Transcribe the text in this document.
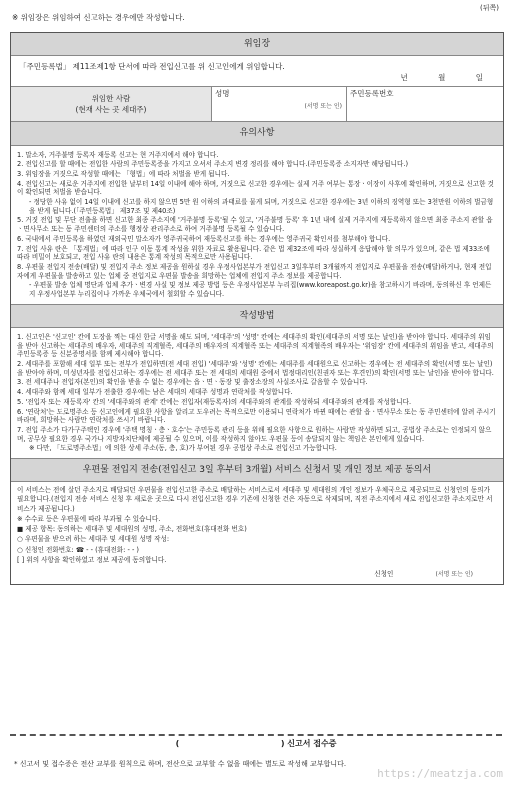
(뒤쪽)
※ 위임장은 위임하여 신고하는 경우에만 작성합니다.
위임장
「주민등록법」 제11조제1항 단서에 따라 전입신고를 위 신고인에게 위임합니다.
년 월 일
위임한 사람
(현재 사는 곳 세대주)
	성명
(서명 또는 인)
	주민등록번호
유의사항

1. 말소자, 거주불명 등록자 재등록 신고는 현 거주지에서 해야 합니다.

2. 전입신고를 할 때에는 전입한 사람의 주민등록증을 가지고 오셔서 주소지 변경 정리를 해야 합니다.(주민등록증 소지자만 해당됩니다.)

3. 위임장을 거짓으로 작성할 때에는 「형법」에 따라 처벌을 받게 됩니다.

4. 전입신고는 새로운 거주지에 전입한 날부터 14일 이내에 해야 하며, 거짓으로 신고한 경우에는 실제 거주 여부는 통장ㆍ이장이 사후에 확인하며, 거짓으로 신고한 것이 확인되면 처벌을 받습니다.

- 정당한 사유 없이 14일 이내에 신고를 하지 않으면 5만 원 이하의 과태료를 물게 되며, 거짓으로 신고한 경우에는 3년 이하의 징역형 또는 3천만원 이하의 벌금형을 받게 됩니다.(「주민등록법」 제37조 및 제40조)

5. 거짓 전입 및 무단 전출을 하면 신고한 최종 주소지에 '거주불명 등록'될 수 있고, '거주불명 등록' 후 1년 내에 실제 거주지에 재등록하지 않으면 최종 주소지 관할 읍ㆍ면사무소 또는 동 주민센터의 주소를 행정상 관리주소로 하여 거주불명 등록될 수 있습니다.

6. 국내에서 주민등록을 하였던 재외국민 말소자가 영주귀국하여 재등록신고를 하는 경우에는 영주귀국 확인서를 첨부해야 합니다.

7. 전입 사유 란은 「통계법」에 따라 인구 이동 통계 작성을 위한 자료로 활용됩니다. 같은 법 제32조에 따라 성실하게 응답해야 할 의무가 있으며, 같은 법 제33조에 따라 비밀이 보호되고, 전입 사유 란의 내용은 통계 작성의 목적으로만 사용됩니다.

8. 우편물 전입지 전송(배달) 및 전입지 주소 정보 제공을 원하실 경우 우정사업본부가 전입신고 3일후부터 3개월까지 전입지로 우편물을 전송(배달)하거나, 현재 전입자에게 우편물을 발송하고 있는 업체 중 전입지로 우편물 발송을 희망하는 업체에 전입지 주소 정보를 제공합니다.

- 우편물 발송 업체 명단과 업체 추가ㆍ변경 사실 및 정보 제공 방법 등은 우정사업본부 누리집(www.koreapost.go.kr)을 참고하시기 바라며, 동의하신 후 언제든지 우정사업본부 누리집이나 가까운 우체국에서 철회할 수 있습니다.

작성방법

1. 신고인은 '신고인' 칸에 도장을 찍는 대신 한글 서명을 해도 되며, '세대주'의 '성명' 칸에는 세대주의 확인(세대주의 서명 또는 날인)을 받아야 합니다. 세대주의 위임을 받아 신고하는 세대주의 배우자, 세대주의 직계혈족, 세대주의 배우자의 직계혈족 또는 세대주의 직계혈족의 배우자는 '위임장' 칸에 세대주의 위임을 받고, 세대주의 주민등록증 등 신분증명서를 함께 제시해야 합니다.

2. 세대주를 포함해 세대 일부 또는 전부가 전입하면(전 세대 전입) '세대주'와 '성명' 칸에는 세대주를 세대원으로 신고하는 경우에는 전 세대주의 확인(서명 또는 날인)을 받아야 하며, 미성년자를 전입신고하는 경우에는 전 세대주 또는 전 세대의 세대원 중에서 법정대리인(친권자 또는 후견인)의 확인(서명 또는 날인)을 받아야 합니다.

3. 전 세대주나 전입자(본인)의 확인을 받을 수 없는 경우에는 읍ㆍ면ㆍ동장 및 출장소장의 사실조사로 갈음할 수 있습니다.

4. 세대주와 함께 세대 일부가 전출한 경우에는 남은 세대의 세대주 성명과 연락처를 작성합니다.

5. '전입자 또는 재등록자' 칸의 '세대주와의 관계' 칸에는 전입자(재등록자)의 세대주와의 관계를 작성하되 세대주와의 관계를 작성합니다.

6. '연락처'는 도로명주소 등 신고인에게 필요한 사항을 알리고 도우려는 목적으로만 이용되니 연락처가 바뀐 때에는 관할 읍ㆍ면사무소 또는 동 주민센터에 알려 주시기 바라며, 희망하는 사람만 연락처를 쓰시기 바랍니다.

7. 전입 주소가 다가구주택인 경우에 '주택 명칭ㆍ층ㆍ호수'는 주민등록 관리 등을 위해 필요한 사항으로 원하는 사람만 작성하면 되고, 공법상 주소로는 인정되지 않으며, 공무상 필요한 경우 국가나 지방자치단체에 제공될 수 있으며, 이를 작성하지 않아도 우편물 등이 송달되지 않는 책임은 본인에게 있습니다.

※ 다만, 「도로명주소법」에 의한 상세 주소(동, 층, 호)가 부여된 경우 공법상 주소로 전입신고 가능합니다.

우편물 전입지 전송(전입신고 3일 후부터 3개월) 서비스 신청서 및 개인 정보 제공 동의서

이 서비스는 전에 살던 주소지로 배달되던 우편물을 전입신고한 주소로 배달하는 서비스로서 세대주 및 세대원의 개인 정보가 우체국으로 제공되므로 신청인의 동의가 필요합니다.(전입지 전송 서비스 신청 후 새로운 곳으로 다시 전입신고한 경우 기존에 신청한 건은 자동으로 삭제되며, 직전 주소지에서 새로 전입신고한 주소지로만 서비스가 제공됩니다.)

※ 수수료 등은 우편물에 따라 부과될 수 있습니다.

■ 제공 항목: 동의하는 세대주 및 세대원의 성명, 주소, 전화번호(휴대전화 번호)
○ 우편물을 받으려 하는 세대주 및 세대원 성명 작성:
○ 신청인 전화번호: ☎ - - (휴대전화: - - )
[ ] 위의 사항을 확인하였고 정보 제공에 동의합니다.
신청인	(서명 또는 인)
(	) 신고서 접수증
* 신고서 및 접수증은 전산 교부를 원칙으로 하며, 전산으로 교부할 수 없을 때에는 별도로 작성해 교부합니다.
https://meatzja.com
